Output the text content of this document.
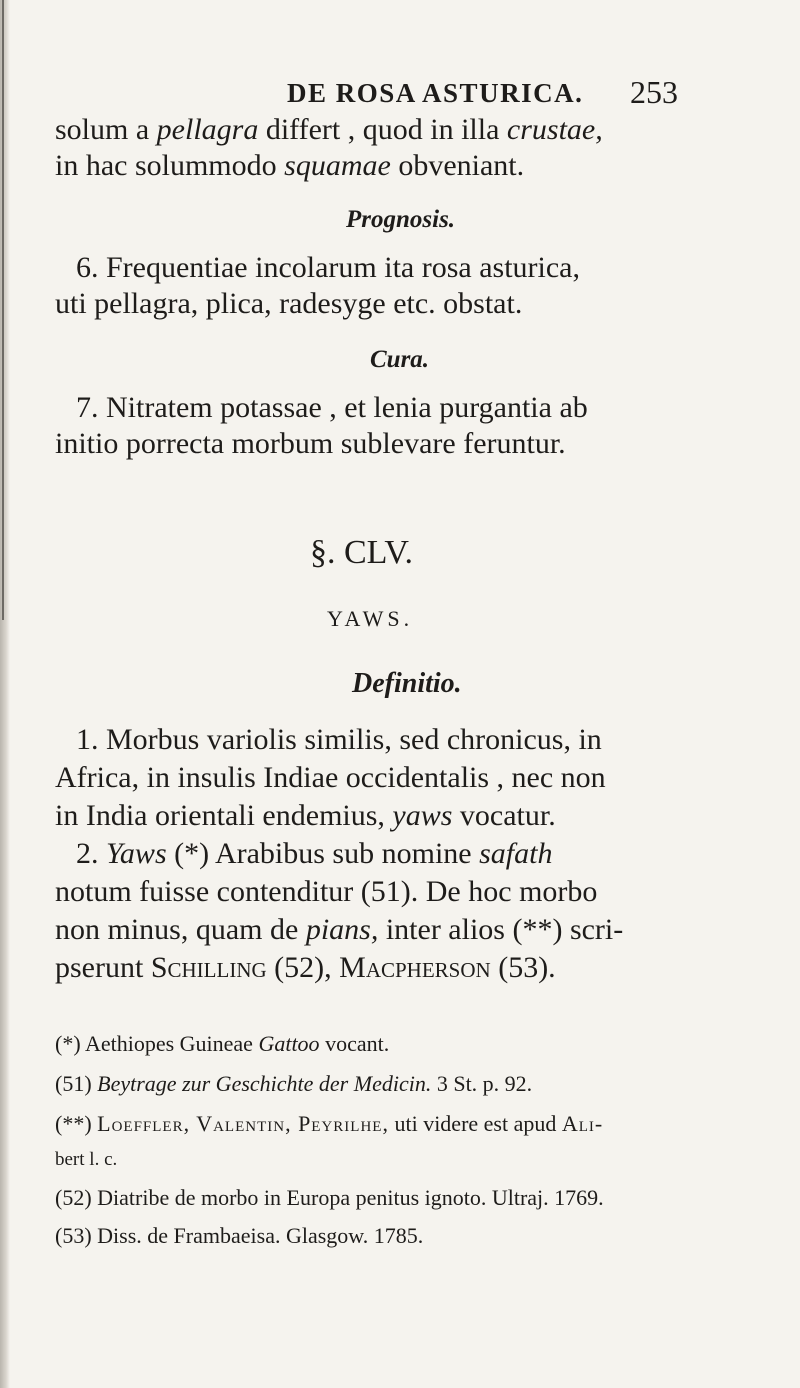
DE ROSA ASTURICA. 253
solum a pellagra differt , quod in illa crustae,
in hac solummodo squamae obveniant.
Prognosis.
6. Frequentiae incolarum ita rosa asturica,
uti pellagra, plica, radesyge etc. obstat.
Cura.
7. Nitratem potassae , et lenia purgantia ab
initio porrecta morbum sublevare feruntur.
§. CLV.
YAWS.
Definitio.
1. Morbus variolis similis, sed chronicus, in
Africa, in insulis Indiae occidentalis , nec non
in India orientali endemius, yaws vocatur.
2. Yaws (*) Arabibus sub nomine safath
notum fuisse contenditur (51). De hoc morbo
non minus, quam de pians, inter alios (**) scri-
pserunt Schilling (52), Macpherson (53).
(*) Aethiopes Guineae Gattoo vocant.
(51) Beytrage zur Geschichte der Medicin. 3 St. p. 92.
(**) Loeffler, Valentin, Peyrilhe, uti videre est apud Ali-
bert l. c.
(52) Diatribe de morbo in Europa penitus ignoto. Ultraj. 1769.
(53) Diss. de Frambaeisa. Glasgow. 1785.
